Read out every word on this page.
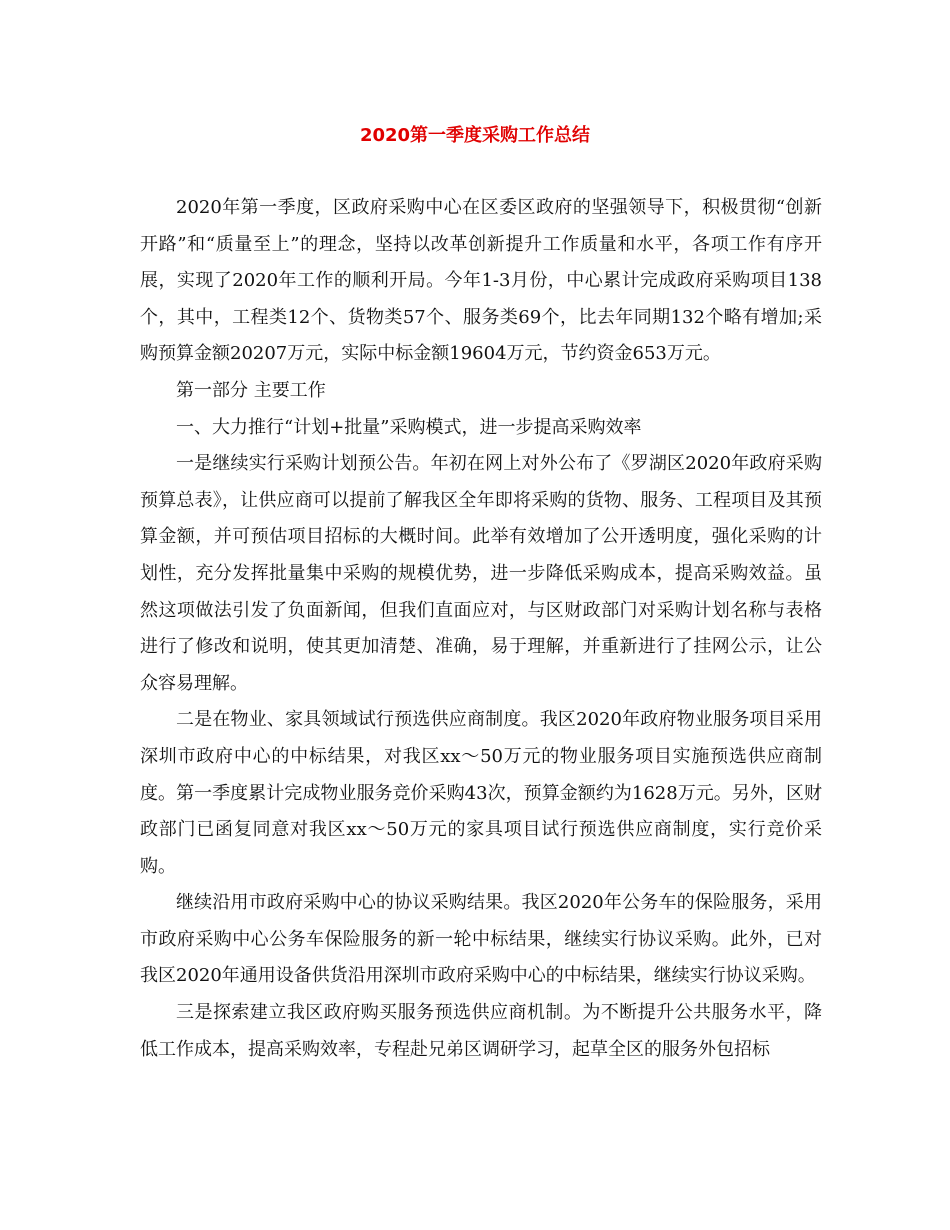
2020第一季度采购工作总结

2020年第一季度，区政府采购中心在区委区政府的坚强领导下，积极贯彻“创新开路”和“质量至上”的理念，坚持以改革创新提升工作质量和水平，各项工作有序开展，实现了2020年工作的顺利开局。今年1-3月份，中心累计完成政府采购项目138个，其中，工程类12个、货物类57个、服务类69个，比去年同期132个略有增加;采购预算金额20207万元，实际中标金额19604万元，节约资金653万元。

第一部分 主要工作

一、大力推行“计划+批量”采购模式，进一步提高采购效率

一是继续实行采购计划预公告。年初在网上对外公布了《罗湖区2020年政府采购预算总表》，让供应商可以提前了解我区全年即将采购的货物、服务、工程项目及其预算金额，并可预估项目招标的大概时间。此举有效增加了公开透明度，强化采购的计划性，充分发挥批量集中采购的规模优势，进一步降低采购成本，提高采购效益。虽然这项做法引发了负面新闻，但我们直面应对，与区财政部门对采购计划名称与表格进行了修改和说明，使其更加清楚、准确，易于理解，并重新进行了挂网公示，让公众容易理解。

二是在物业、家具领域试行预选供应商制度。我区2020年政府物业服务项目采用深圳市政府中心的中标结果，对我区xx～50万元的物业服务项目实施预选供应商制度。第一季度累计完成物业服务竞价采购43次，预算金额约为1628万元。另外，区财政部门已函复同意对我区xx～50万元的家具项目试行预选供应商制度，实行竞价采购。

继续沿用市政府采购中心的协议采购结果。我区2020年公务车的保险服务，采用市政府采购中心公务车保险服务的新一轮中标结果，继续实行协议采购。此外，已对我区2020年通用设备供货沿用深圳市政府采购中心的中标结果，继续实行协议采购。

三是探索建立我区政府购买服务预选供应商机制。为不断提升公共服务水平，降低工作成本，提高采购效率，专程赴兄弟区调研学习，起草全区的服务外包招标
